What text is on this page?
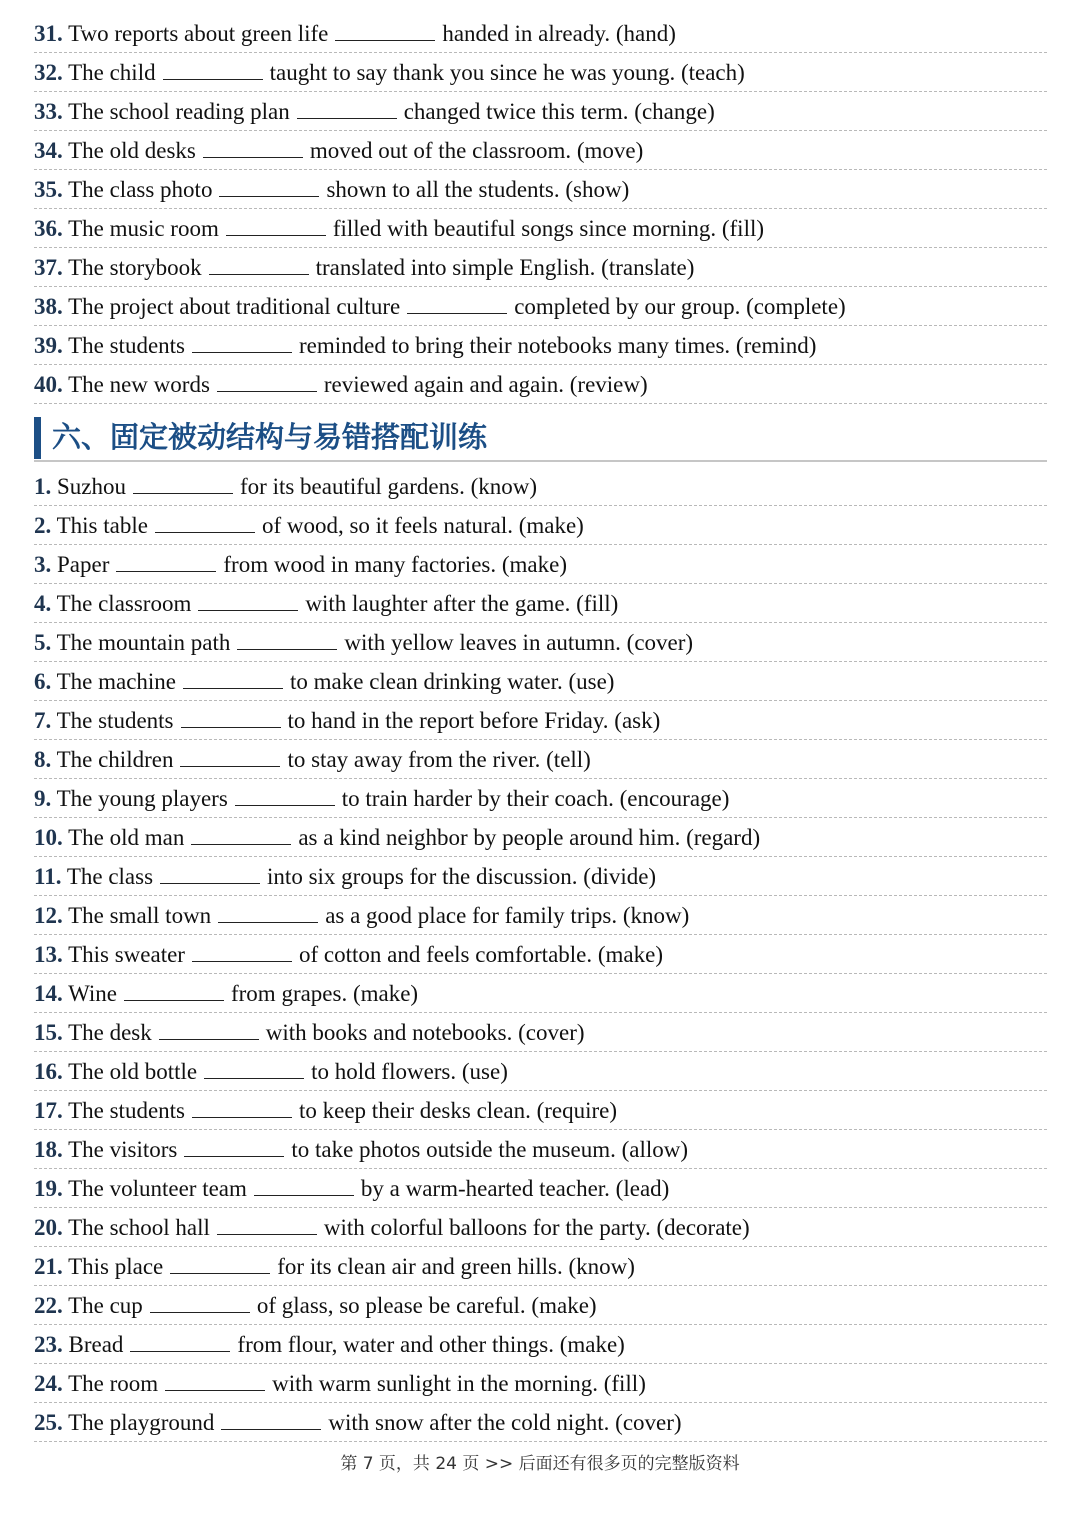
31. Two reports about green life	handed in already. (hand)
32. The child	taught to say thank you since he was young. (teach)
33. The school reading plan	changed twice this term. (change)
34. The old desks	moved out of the classroom. (move)
35. The class photo	shown to all the students. (show)
36. The music room	filled with beautiful songs since morning. (fill)
37. The storybook	translated into simple English. (translate)
38. The project about traditional culture	completed by our group. (complete)
39. The students	reminded to bring their notebooks many times. (remind)
40. The new words	reviewed again and again. (review)
六、固定被动结构与易错搭配训练
1. Suzhou	for its beautiful gardens. (know)
2. This table	of wood, so it feels natural. (make)
3. Paper	from wood in many factories. (make)
4. The classroom	with laughter after the game. (fill)
5. The mountain path	with yellow leaves in autumn. (cover)
6. The machine	to make clean drinking water. (use)
7. The students	to hand in the report before Friday. (ask)
8. The children	to stay away from the river. (tell)
9. The young players	to train harder by their coach. (encourage)
10. The old man	as a kind neighbor by people around him. (regard)
11. The class	into six groups for the discussion. (divide)
12. The small town	as a good place for family trips. (know)
13. This sweater	of cotton and feels comfortable. (make)
14. Wine	from grapes. (make)
15. The desk	with books and notebooks. (cover)
16. The old bottle	to hold flowers. (use)
17. The students	to keep their desks clean. (require)
18. The visitors	to take photos outside the museum. (allow)
19. The volunteer team	by a warm-hearted teacher. (lead)
20. The school hall	with colorful balloons for the party. (decorate)
21. This place	for its clean air and green hills. (know)
22. The cup	of glass, so please be careful. (make)
23. Bread	from flour, water and other things. (make)
24. The room	with warm sunlight in the morning. (fill)
25. The playground	with snow after the cold night. (cover)
第 7 页，共 24 页 >> 后面还有很多页的完整版资料
